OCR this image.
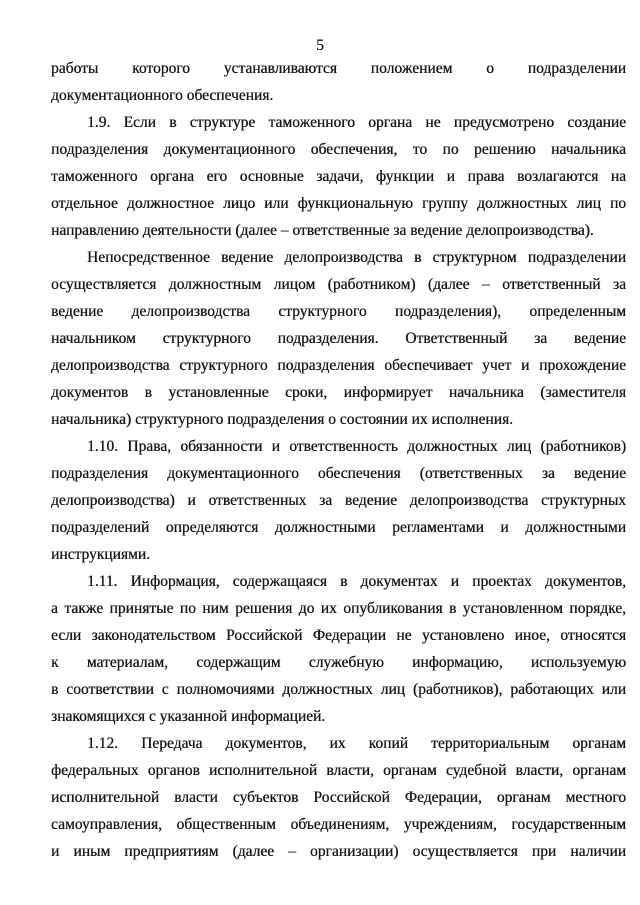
5
работы которого устанавливаются положением о подразделении
документационного обеспечения.
1.9. Если в структуре таможенного органа не предусмотрено создание
подразделения документационного обеспечения, то по решению начальника
таможенного органа его основные задачи, функции и права возлагаются на
отдельное должностное лицо или функциональную группу должностных лиц по
направлению деятельности (далее – ответственные за ведение делопроизводства).
Непосредственное ведение делопроизводства в структурном подразделении
осуществляется должностным лицом (работником) (далее – ответственный за
ведение делопроизводства структурного подразделения), определенным
начальником структурного подразделения. Ответственный за ведение
делопроизводства структурного подразделения обеспечивает учет и прохождение
документов в установленные сроки, информирует начальника (заместителя
начальника) структурного подразделения о состоянии их исполнения.
1.10. Права, обязанности и ответственность должностных лиц (работников)
подразделения документационного обеспечения (ответственных за ведение
делопроизводства) и ответственных за ведение делопроизводства структурных
подразделений определяются должностными регламентами и должностными
инструкциями.
1.11. Информация, содержащаяся в документах и проектах документов,
а также принятые по ним решения до их опубликования в установленном порядке,
если законодательством Российской Федерации не установлено иное, относятся
к материалам, содержащим служебную информацию, используемую
в соответствии с полномочиями должностных лиц (работников), работающих или
знакомящихся с указанной информацией.
1.12. Передача документов, их копий территориальным органам
федеральных органов исполнительной власти, органам судебной власти, органам
исполнительной власти субъектов Российской Федерации, органам местного
самоуправления, общественным объединениям, учреждениям, государственным
и иным предприятиям (далее – организации) осуществляется при наличии
